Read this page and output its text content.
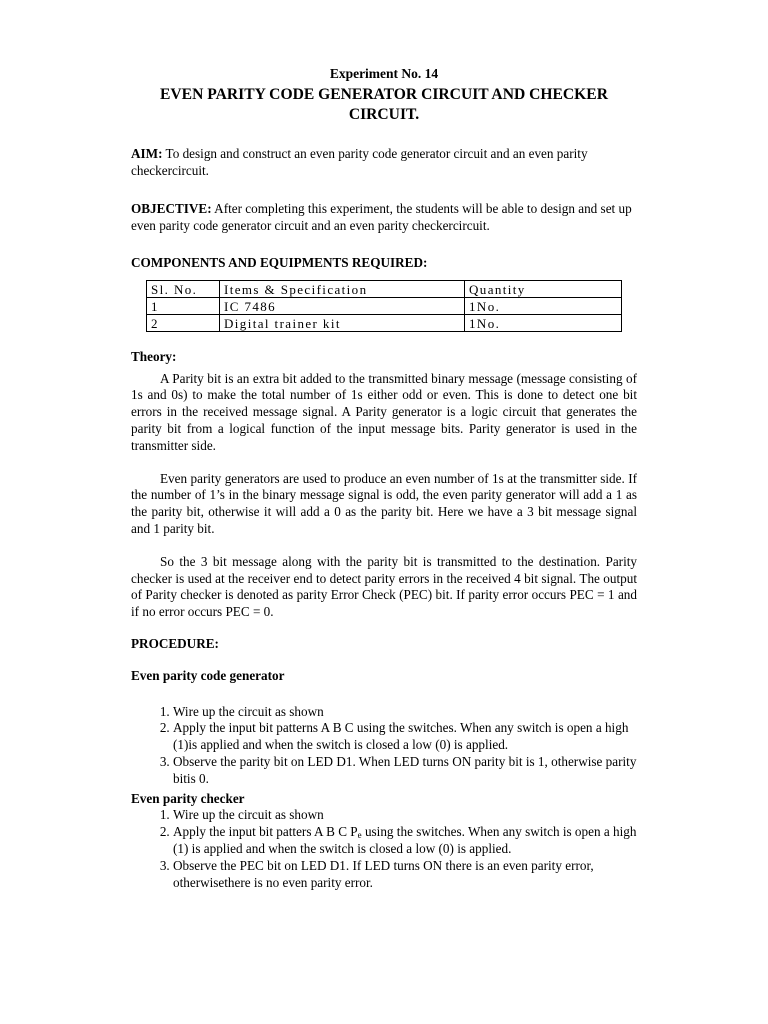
Experiment No. 14

EVEN PARITY CODE GENERATOR CIRCUIT AND CHECKER
CIRCUIT.

AIM: To design and construct an even parity code generator circuit and an even parity checkercircuit.

OBJECTIVE: After completing this experiment, the students will be able to design and set up even parity code generator circuit and an even parity checkercircuit.

COMPONENTS AND EQUIPMENTS REQUIRED:

Sl. No.	Items & Specification	Quantity
1	IC 7486	1No.
2	Digital trainer kit	1No.

Theory:

A Parity bit is an extra bit added to the transmitted binary message (message consisting of 1s and 0s) to make the total number of 1s either odd or even. This is done to detect one bit errors in the received message signal. A Parity generator is a logic circuit that generates the parity bit from a logical function of the input message bits. Parity generator is used in the transmitter side.

Even parity generators are used to produce an even number of 1s at the transmitter side. If the number of 1’s in the binary message signal is odd, the even parity generator will add a 1 as the parity bit, otherwise it will add a 0 as the parity bit. Here we have a 3 bit message signal and 1 parity bit.

So the 3 bit message along with the parity bit is transmitted to the destination. Parity checker is used at the receiver end to detect parity errors in the received 4 bit signal. The output of Parity checker is denoted as parity Error Check (PEC) bit. If parity error occurs PEC = 1 and if no error occurs PEC = 0.

PROCEDURE:

Even parity code generator

1. Wire up the circuit as shown
2. Apply the input bit patterns A B C using the switches. When any switch is open a high (1)is applied and when the switch is closed a low (0) is applied.
3. Observe the parity bit on LED D1. When LED turns ON parity bit is 1, otherwise parity bitis 0.

Even parity checker

1. Wire up the circuit as shown
2. Apply the input bit patters A B C $P_e$ using the switches. When any switch is open a high
(1) is applied and when the switch is closed a low (0) is applied.
3. Observe the PEC bit on LED D1. If LED turns ON there is an even parity error, otherwisethere is no even parity error.
